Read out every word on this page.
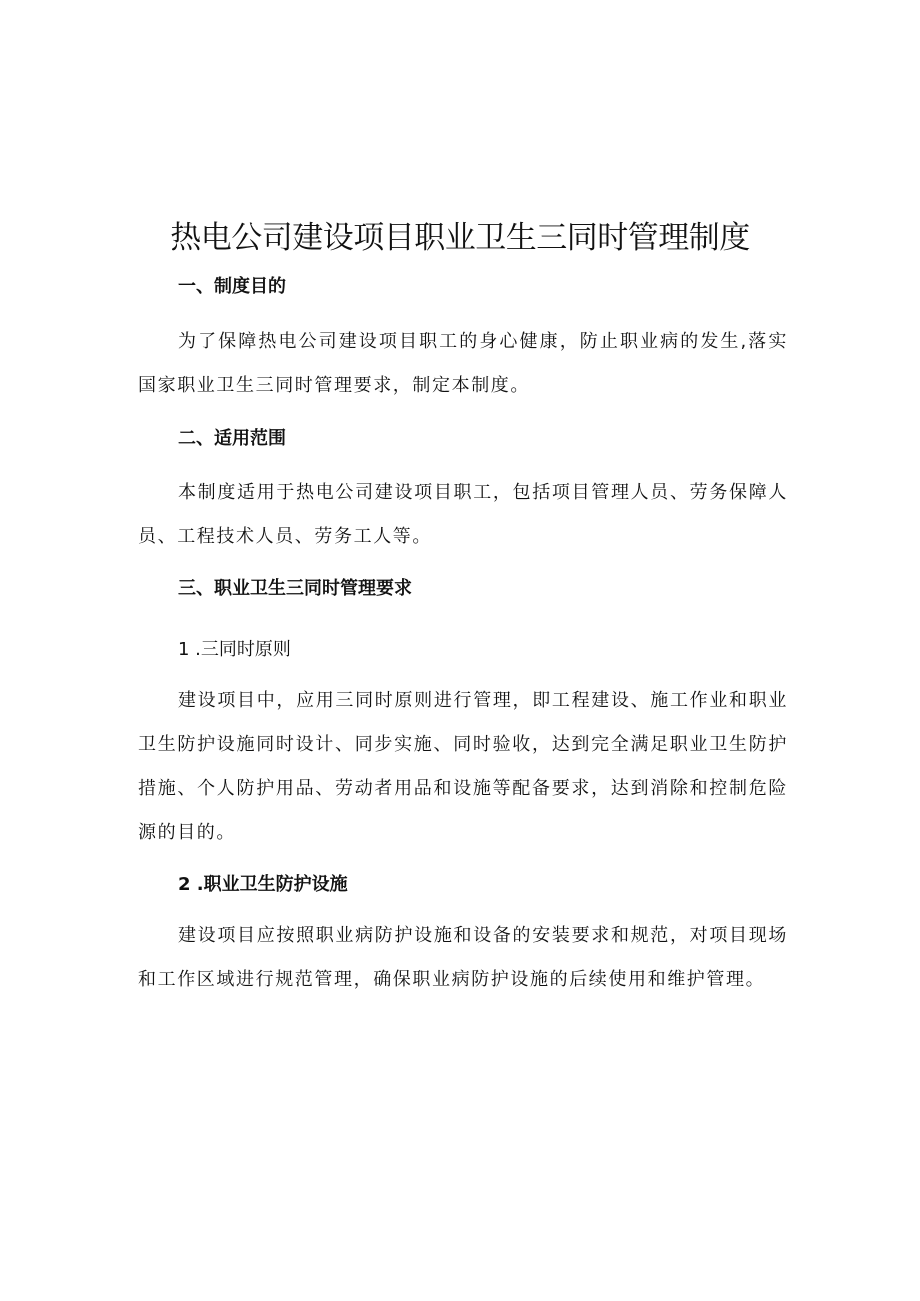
热电公司建设项目职业卫生三同时管理制度
一、制度目的

为了保障热电公司建设项目职工的身心健康，防止职业病的发生,落实国家职业卫生三同时管理要求，制定本制度。

二、适用范围

本制度适用于热电公司建设项目职工，包括项目管理人员、劳务保障人员、工程技术人员、劳务工人等。

三、职业卫生三同时管理要求
1 .三同时原则

建设项目中，应用三同时原则进行管理，即工程建设、施工作业和职业卫生防护设施同时设计、同步实施、同时验收，达到完全满足职业卫生防护措施、个人防护用品、劳动者用品和设施等配备要求，达到消除和控制危险源的目的。

2 .职业卫生防护设施

建设项目应按照职业病防护设施和设备的安装要求和规范，对项目现场和工作区域进行规范管理，确保职业病防护设施的后续使用和维护管理。
